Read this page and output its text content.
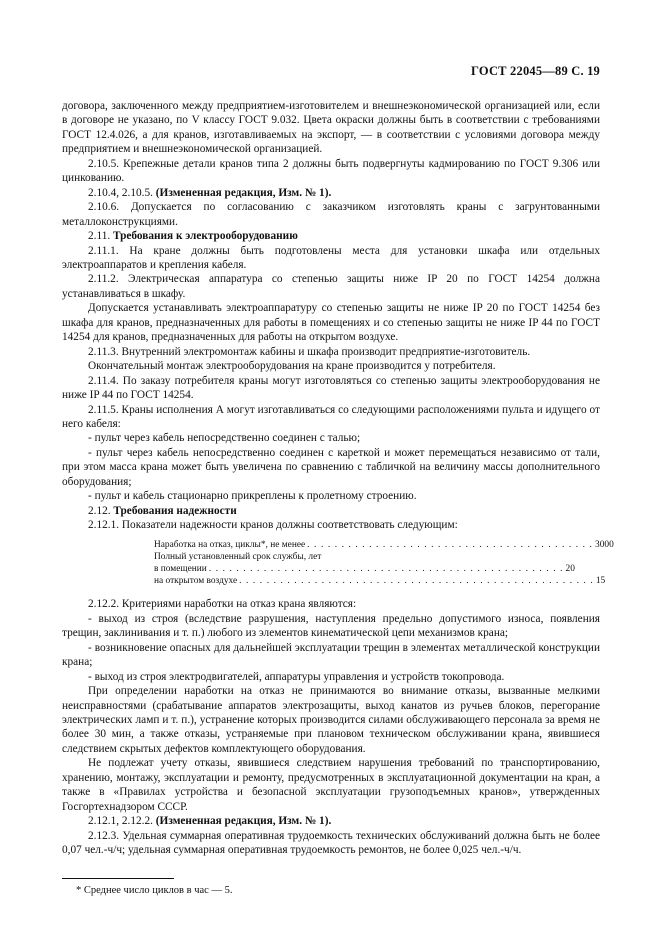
ГОСТ 22045—89 С. 19

договора, заключенного между предприятием-изготовителем и внешнеэкономической организацией или, если в договоре не указано, по V классу ГОСТ 9.032. Цвета окраски должны быть в соответствии с требованиями ГОСТ 12.4.026, а для кранов, изготавливаемых на экспорт, — в соответствии с условиями договора между предприятием и внешнеэкономической организацией.

2.10.5. Крепежные детали кранов типа 2 должны быть подвергнуты кадмированию по ГОСТ 9.306 или цинкованию.

2.10.4, 2.10.5. (Измененная редакция, Изм. № 1).

2.10.6. Допускается по согласованию с заказчиком изготовлять краны с загрунтованными металлоконструкциями.

2.11. Требования к электрооборудованию

2.11.1. На кране должны быть подготовлены места для установки шкафа или отдельных электроаппаратов и крепления кабеля.

2.11.2. Электрическая аппаратура со степенью защиты ниже IP 20 по ГОСТ 14254 должна устанавливаться в шкафу.

Допускается устанавливать электроаппаратуру со степенью защиты не ниже IP 20 по ГОСТ 14254 без шкафа для кранов, предназначенных для работы в помещениях и со степенью защиты не ниже IP 44 по ГОСТ 14254 для кранов, предназначенных для работы на открытом воздухе.

2.11.3. Внутренний электромонтаж кабины и шкафа производит предприятие-изготовитель.

Окончательный монтаж электрооборудования на кране производится у потребителя.

2.11.4. По заказу потребителя краны могут изготовляться со степенью защиты электрооборудования не ниже IP 44 по ГОСТ 14254.

2.11.5. Краны исполнения А могут изготавливаться со следующими расположениями пульта и идущего от него кабеля:

- пульт через кабель непосредственно соединен с талью;

- пульт через кабель непосредственно соединен с кареткой и может перемещаться независимо от тали, при этом масса крана может быть увеличена по сравнению с табличкой на величину массы дополнительного оборудования;

- пульт и кабель стационарно прикреплены к пролетному строению.

2.12. Требования надежности

2.12.1. Показатели надежности кранов должны соответствовать следующим:

Наработка на отказ, циклы*, не менее . . . . . . . . . . . . . . . . . . . . . . . . . . . . . . . . . . . . . . . . . . 3000
Полный установленный срок службы, лет
в помещении . . . . . . . . . . . . . . . . . . . . . . . . . . . . . . . . . . . . . . . . . . . . . . . . . . . . 20
на открытом воздухе . . . . . . . . . . . . . . . . . . . . . . . . . . . . . . . . . . . . . . . . . . . . . . . . . . . . 15

2.12.2. Критериями наработки на отказ крана являются:

- выход из строя (вследствие разрушения, наступления предельно допустимого износа, появления трещин, заклинивания и т. п.) любого из элементов кинематической цепи механизмов крана;

- возникновение опасных для дальнейшей эксплуатации трещин в элементах металлической конструкции крана;

- выход из строя электродвигателей, аппаратуры управления и устройств токопровода.

При определении наработки на отказ не принимаются во внимание отказы, вызванные мелкими неисправностями (срабатывание аппаратов электрозащиты, выход канатов из ручьев блоков, перегорание электрических ламп и т. п.), устранение которых производится силами обслуживающего персонала за время не более 30 мин, а также отказы, устраняемые при плановом техническом обслуживании крана, явившиеся следствием скрытых дефектов комплектующего оборудования.

Не подлежат учету отказы, явившиеся следствием нарушения требований по транспортированию, хранению, монтажу, эксплуатации и ремонту, предусмотренных в эксплуатационной документации на кран, а также в «Правилах устройства и безопасной эксплуатации грузоподъемных кранов», утвержденных Госгортехнадзором СССР.

2.12.1, 2.12.2. (Измененная редакция, Изм. № 1).

2.12.3. Удельная суммарная оперативная трудоемкость технических обслуживаний должна быть не более 0,07 чел.-ч/ч; удельная суммарная оперативная трудоемкость ремонтов, не более 0,025 чел.-ч/ч.

* Среднее число циклов в час — 5.
